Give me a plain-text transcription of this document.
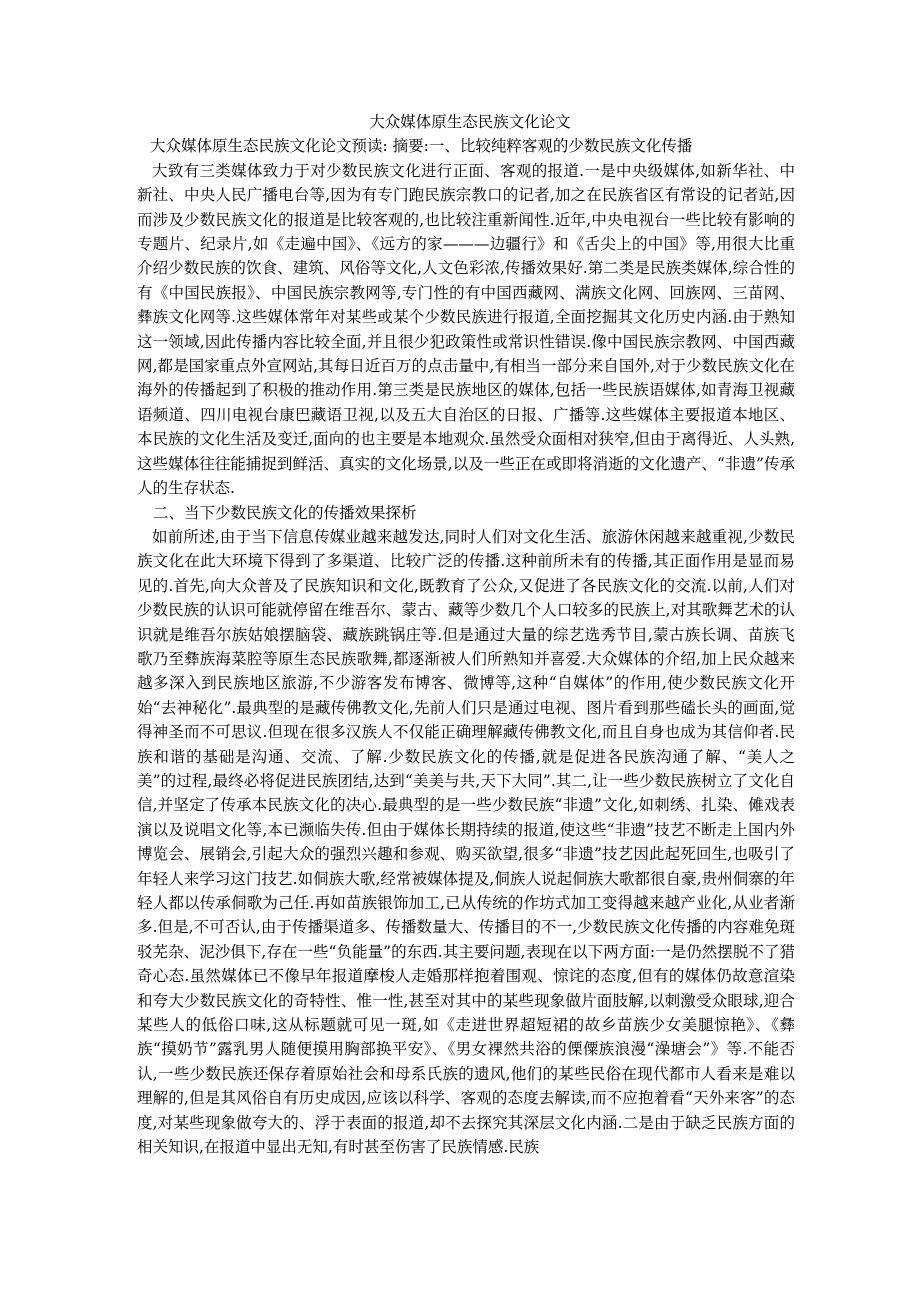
大众媒体原生态民族文化论文

大众媒体原生态民族文化论文预读: 摘要:一、比较纯粹客观的少数民族文化传播

大致有三类媒体致力于对少数民族文化进行正面、客观的报道.一是中央级媒体,如新华社、中新社、中央人民广播电台等,因为有专门跑民族宗教口的记者,加之在民族省区有常设的记者站,因而涉及少数民族文化的报道是比较客观的,也比较注重新闻性.近年,中央电视台一些比较有影响的专题片、纪录片,如《走遍中国》、《远方的家———边疆行》和《舌尖上的中国》等,用很大比重介绍少数民族的饮食、建筑、风俗等文化,人文色彩浓,传播效果好.第二类是民族类媒体,综合性的有《中国民族报》、中国民族宗教网等,专门性的有中国西藏网、满族文化网、回族网、三苗网、彝族文化网等.这些媒体常年对某些或某个少数民族进行报道,全面挖掘其文化历史内涵.由于熟知这一领域,因此传播内容比较全面,并且很少犯政策性或常识性错误.像中国民族宗教网、中国西藏网,都是国家重点外宣网站,其每日近百万的点击量中,有相当一部分来自国外,对于少数民族文化在海外的传播起到了积极的推动作用.第三类是民族地区的媒体,包括一些民族语媒体,如青海卫视藏语频道、四川电视台康巴藏语卫视,以及五大自治区的日报、广播等.这些媒体主要报道本地区、本民族的文化生活及变迁,面向的也主要是本地观众.虽然受众面相对狭窄,但由于离得近、人头熟,这些媒体往往能捕捉到鲜活、真实的文化场景,以及一些正在或即将消逝的文化遗产、“非遗”传承人的生存状态.

二、当下少数民族文化的传播效果探析

如前所述,由于当下信息传媒业越来越发达,同时人们对文化生活、旅游休闲越来越重视,少数民族文化在此大环境下得到了多渠道、比较广泛的传播.这种前所未有的传播,其正面作用是显而易见的.首先,向大众普及了民族知识和文化,既教育了公众,又促进了各民族文化的交流.以前,人们对少数民族的认识可能就停留在维吾尔、蒙古、藏等少数几个人口较多的民族上,对其歌舞艺术的认识就是维吾尔族姑娘摆脑袋、藏族跳锅庄等.但是通过大量的综艺选秀节目,蒙古族长调、苗族飞歌乃至彝族海菜腔等原生态民族歌舞,都逐渐被人们所熟知并喜爱.大众媒体的介绍,加上民众越来越多深入到民族地区旅游,不少游客发布博客、微博等,这种“自媒体”的作用,使少数民族文化开始“去神秘化”.最典型的是藏传佛教文化,先前人们只是通过电视、图片看到那些磕长头的画面,觉得神圣而不可思议.但现在很多汉族人不仅能正确理解藏传佛教文化,而且自身也成为其信仰者.民族和谐的基础是沟通、交流、了解.少数民族文化的传播,就是促进各民族沟通了解、“美人之美”的过程,最终必将促进民族团结,达到“美美与共,天下大同”.其二,让一些少数民族树立了文化自信,并坚定了传承本民族文化的决心.最典型的是一些少数民族“非遗”文化,如刺绣、扎染、傩戏表演以及说唱文化等,本已濒临失传.但由于媒体长期持续的报道,使这些“非遗”技艺不断走上国内外博览会、展销会,引起大众的强烈兴趣和参观、购买欲望,很多“非遗”技艺因此起死回生,也吸引了年轻人来学习这门技艺.如侗族大歌,经常被媒体提及,侗族人说起侗族大歌都很自豪,贵州侗寨的年轻人都以传承侗歌为己任.再如苗族银饰加工,已从传统的作坊式加工变得越来越产业化,从业者渐多.但是,不可否认,由于传播渠道多、传播数量大、传播目的不一,少数民族文化传播的内容难免斑驳芜杂、泥沙俱下,存在一些“负能量”的东西.其主要问题,表现在以下两方面:一是仍然摆脱不了猎奇心态.虽然媒体已不像早年报道摩梭人走婚那样抱着围观、惊诧的态度,但有的媒体仍故意渲染和夸大少数民族文化的奇特性、惟一性,甚至对其中的某些现象做片面肢解,以刺激受众眼球,迎合某些人的低俗口味,这从标题就可见一斑,如《走进世界超短裙的故乡苗族少女美腿惊艳》、《彝族“摸奶节”露乳男人随便摸用胸部换平安》、《男女裸然共浴的傈僳族浪漫“澡塘会”》等.不能否认,一些少数民族还保存着原始社会和母系氏族的遗风,他们的某些民俗在现代都市人看来是难以理解的,但是其风俗自有历史成因,应该以科学、客观的态度去解读,而不应抱着看“天外来客”的态度,对某些现象做夸大的、浮于表面的报道,却不去探究其深层文化内涵.二是由于缺乏民族方面的相关知识,在报道中显出无知,有时甚至伤害了民族情感.民族
